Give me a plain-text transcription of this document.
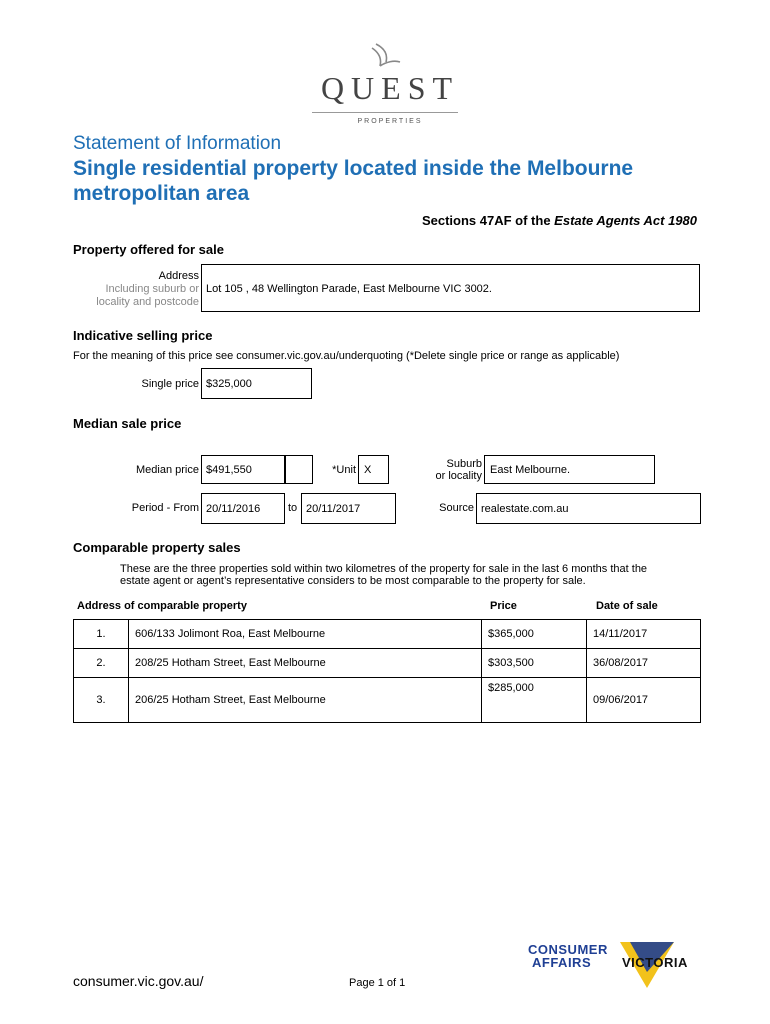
QUEST
PROPERTIES
Statement of Information
Single residential property located inside the Melbourne
metropolitan area
Sections 47AF of the Estate Agents Act 1980
Property offered for sale
Address
Including suburb or
locality and postcode
Lot 105 , 48 Wellington Parade, East Melbourne VIC 3002.
Indicative selling price
For the meaning of this price see consumer.vic.gov.au/underquoting (*Delete single price or range as applicable)
Single price $325,000
Median sale price
Median price $491,550	*Unit X	Suburb
or locality East Melbourne.
Period - From 20/11/2016	to 20/11/2017	Source realestate.com.au
Comparable property sales
These are the three properties sold within two kilometres of the property for sale in the last 6 months that the
estate agent or agent’s representative considers to be most comparable to the property for sale.
Address of comparable property	Price	Date of sale
1.	606/133 Jolimont Roa, East Melbourne	$365,000	14/11/2017
2.	208/25 Hotham Street, East Melbourne	$303,500	36/08/2017
3.	206/25 Hotham Street, East Melbourne	$285,000	09/06/2017
consumer.vic.gov.au/	Page 1 of 1
CONSUMER
AFFAIRS VICTORIA
